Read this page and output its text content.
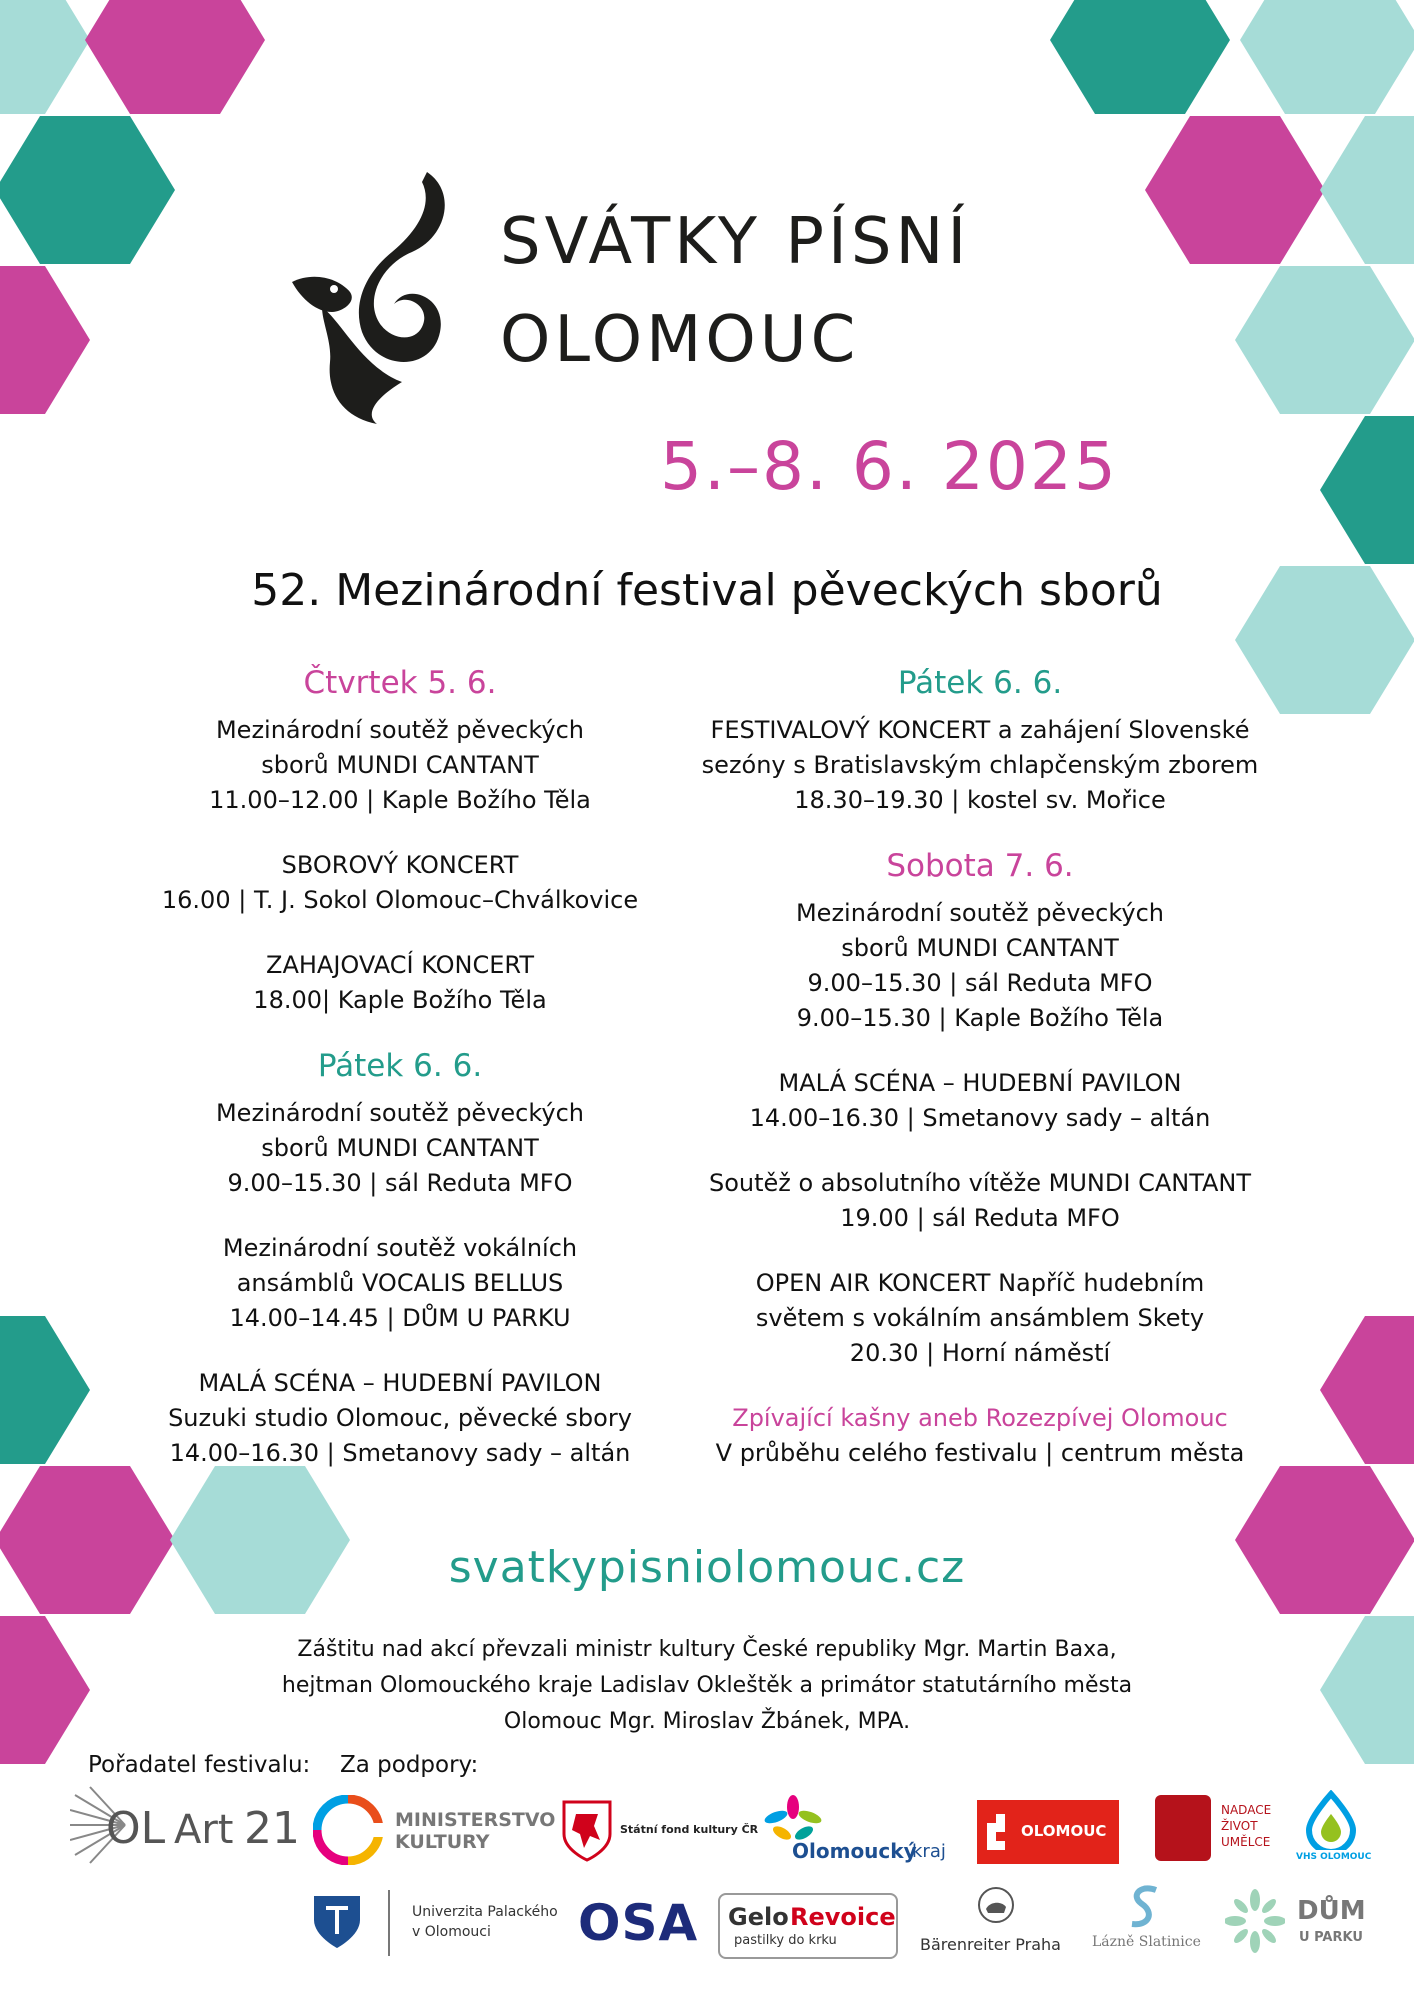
SVÁTKY PÍSNÍ
OLOMOUC
5.–8. 6. 2025
52. Mezinárodní festival pěveckých sborů

Čtvrtek 5. 6.

Mezinárodní soutěž pěveckých

sborů MUNDI CANTANT

11.00–12.00 | Kaple Božího Těla

SBOROVÝ KONCERT

16.00 | T. J. Sokol Olomouc–Chválkovice

ZAHAJOVACÍ KONCERT

18.00| Kaple Božího Těla

Pátek 6. 6.

Mezinárodní soutěž pěveckých

sborů MUNDI CANTANT

9.00–15.30 | sál Reduta MFO

Mezinárodní soutěž vokálních

ansámblů VOCALIS BELLUS

14.00–14.45 | DŮM U PARKU

MALÁ SCÉNA – HUDEBNÍ PAVILON

Suzuki studio Olomouc, pěvecké sbory

14.00–16.30 | Smetanovy sady – altán

Pátek 6. 6.

FESTIVALOVÝ KONCERT a zahájení Slovenské

sezóny s Bratislavským chlapčenským zborem

18.30–19.30 | kostel sv. Mořice

Sobota 7. 6.

Mezinárodní soutěž pěveckých

sborů MUNDI CANTANT

9.00–15.30 | sál Reduta MFO

9.00–15.30 | Kaple Božího Těla

MALÁ SCÉNA – HUDEBNÍ PAVILON

14.00–16.30 | Smetanovy sady – altán

Soutěž o absolutního vítěže MUNDI CANTANT

19.00 | sál Reduta MFO

OPEN AIR KONCERT Napříč hudebním

světem s vokálním ansámblem Skety

20.30 | Horní náměstí

Zpívající kašny aneb Rozezpívej Olomouc

V průběhu celého festivalu | centrum města

svatkypisniolomouc.cz
Záštitu nad akcí převzali ministr kultury České republiky Mgr. Martin Baxa,
hejtman Olomouckého kraje Ladislav Okleštěk a primátor statutárního města
Olomouc Mgr. Miroslav Žbánek, MPA.
Pořadatel festivalu: Za podpory:
OL Art 21	MINISTERSTVO
KULTURY
Státní fond kultury ČR
Olomoucký
kraj
OLOMOUC
NADACE
ŽIVOT
UMĚLCE
VHS OLOMOUC
Univerzita Palackého
v Olomouci OSA Gelo Revoice
pastilky do krku	Bärenreiter Praha Lázně Slatinice
DŮM
U PARKU
